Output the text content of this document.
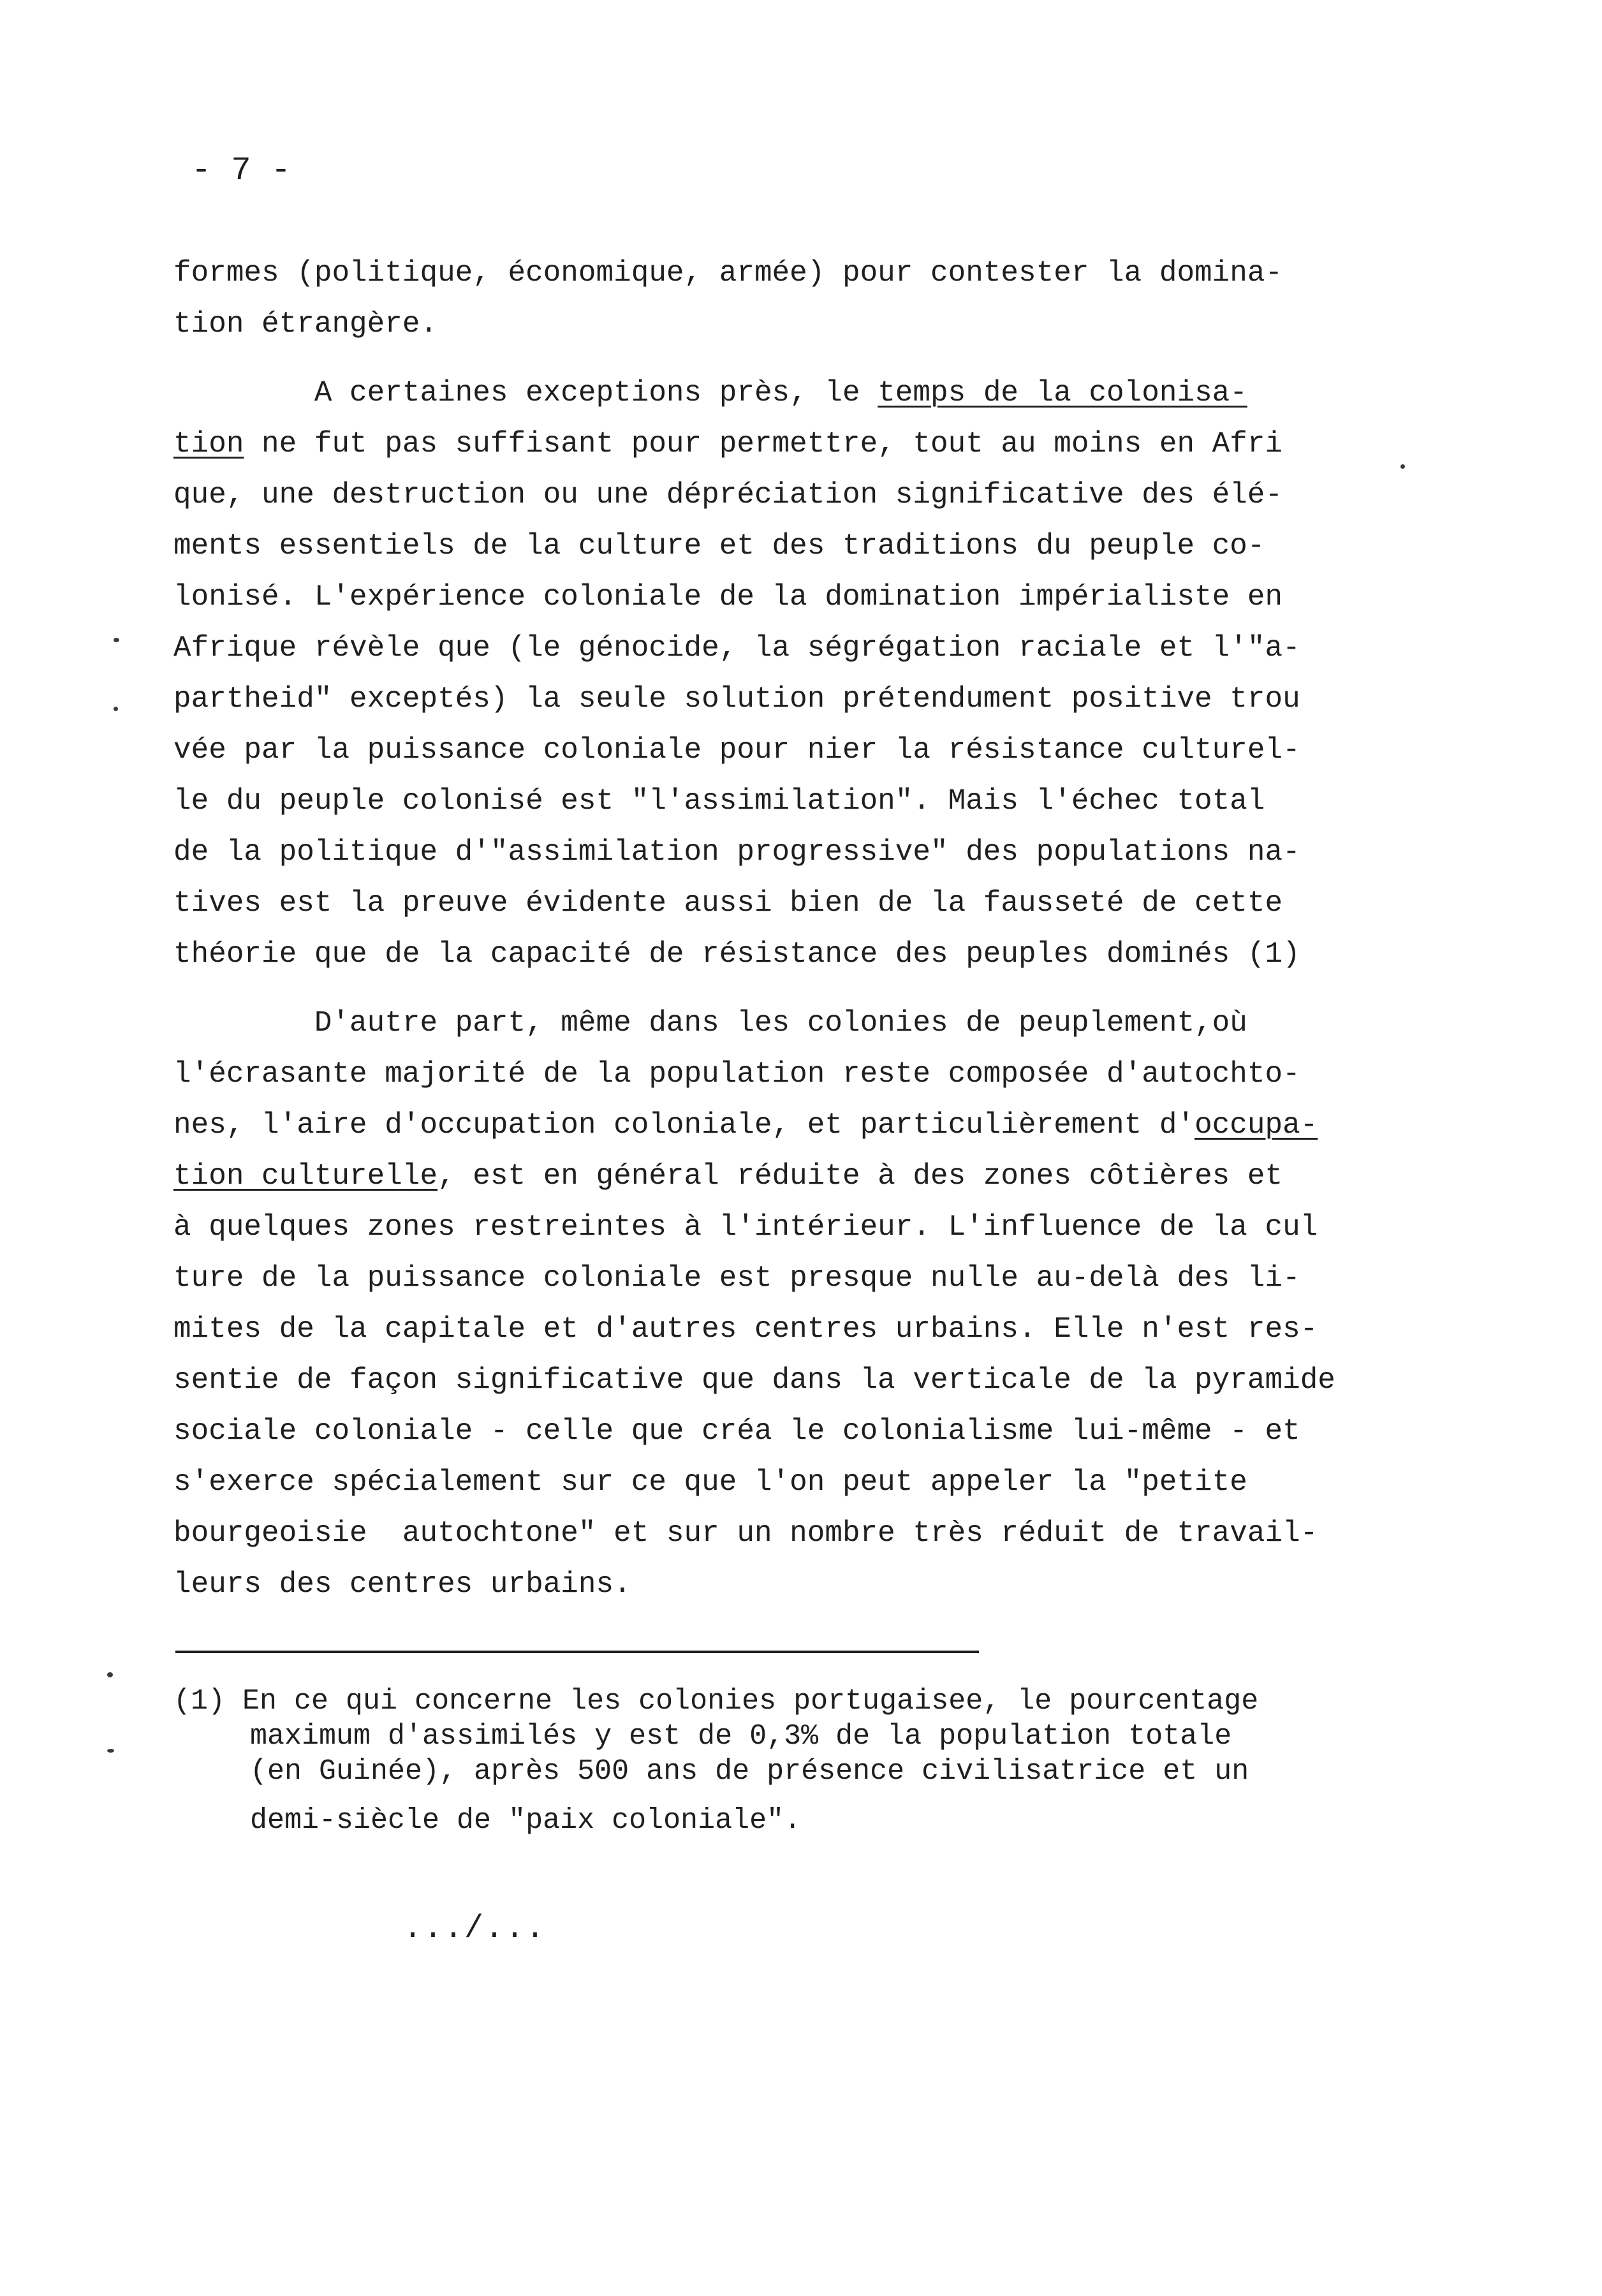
- 7 -
formes (politique, économique, armée) pour contester la domina-
tion étrangère.
A certaines exceptions près, le temps de la colonisa-
tion ne fut pas suffisant pour permettre, tout au moins en Afri
que, une destruction ou une dépréciation significative des élé-
ments essentiels de la culture et des traditions du peuple co-
lonisé. L'expérience coloniale de la domination impérialiste en
Afrique révèle que (le génocide, la ségrégation raciale et l'"a-
partheid" exceptés) la seule solution prétendument positive trou
vée par la puissance coloniale pour nier la résistance culturel-
le du peuple colonisé est "l'assimilation". Mais l'échec total
de la politique d'"assimilation progressive" des populations na-
tives est la preuve évidente aussi bien de la fausseté de cette
théorie que de la capacité de résistance des peuples dominés (1)
D'autre part, même dans les colonies de peuplement,où
l'écrasante majorité de la population reste composée d'autochto-
nes, l'aire d'occupation coloniale, et particulièrement d'occupa-
tion culturelle, est en général réduite à des zones côtières et
à quelques zones restreintes à l'intérieur. L'influence de la cul
ture de la puissance coloniale est presque nulle au-delà des li-
mites de la capitale et d'autres centres urbains. Elle n'est res-
sentie de façon significative que dans la verticale de la pyramide
sociale coloniale - celle que créa le colonialisme lui-même - et
s'exerce spécialement sur ce que l'on peut appeler la "petite
bourgeoisie  autochtone" et sur un nombre très réduit de travail-
leurs des centres urbains.
(1) En ce qui concerne les colonies portugaisee, le pourcentage
maximum d'assimilés y est de 0,3% de la population totale
(en Guinée), après 500 ans de présence civilisatrice et un
demi-siècle de "paix coloniale".
.../...
